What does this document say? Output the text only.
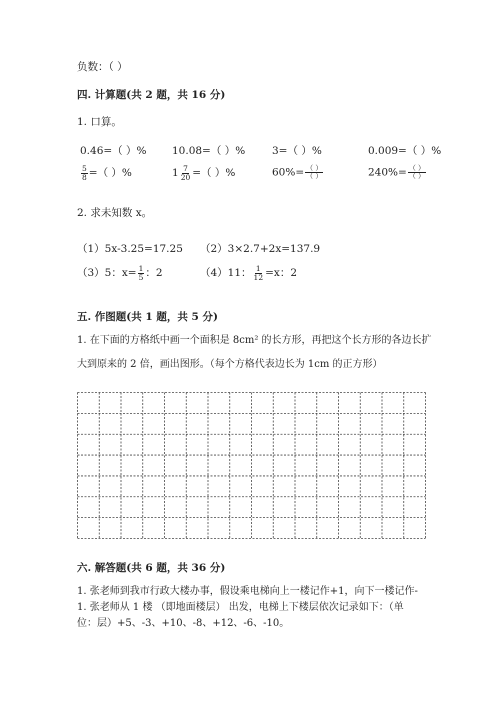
负数：（ ）
四. 计算题(共 2 题，共 16 分)
1. 口算。
0.46=（ ）% 10.08=（ ）%	3=（ ）%	0.009=（ ）%
$\frac{5}{8}$ =（ ）%	$1 \frac{7}{20}$ =（ ）%	$60\%= \frac{( )}{( )}$	$240\%= \frac{( )}{( )}$
2. 求未知数 x。
（1）5x-3.25=17.25 （2）3×2.7+2x=137.9
（3）5：$x= \frac{1}{5}$ ：2	（4）11： $\frac{1}{12} =x$：2
五. 作图题(共 1 题，共 5 分)
1. 在下面的方格纸中画一个面积是 8cm² 的长方形，再把这个长方形的各边长扩
大到原来的 2 倍，画出图形。（每个方格代表边长为 1cm 的正方形）
六. 解答题(共 6 题，共 36 分)
1. 张老师到我市行政大楼办事，假设乘电梯向上一楼记作+1，向下一楼记作-
1. 张老师从 1 楼 （即地面楼层） 出发，电梯上下楼层依次记录如下：（单
位：层）+5、-3、+10、-8、+12、-6、-10。
